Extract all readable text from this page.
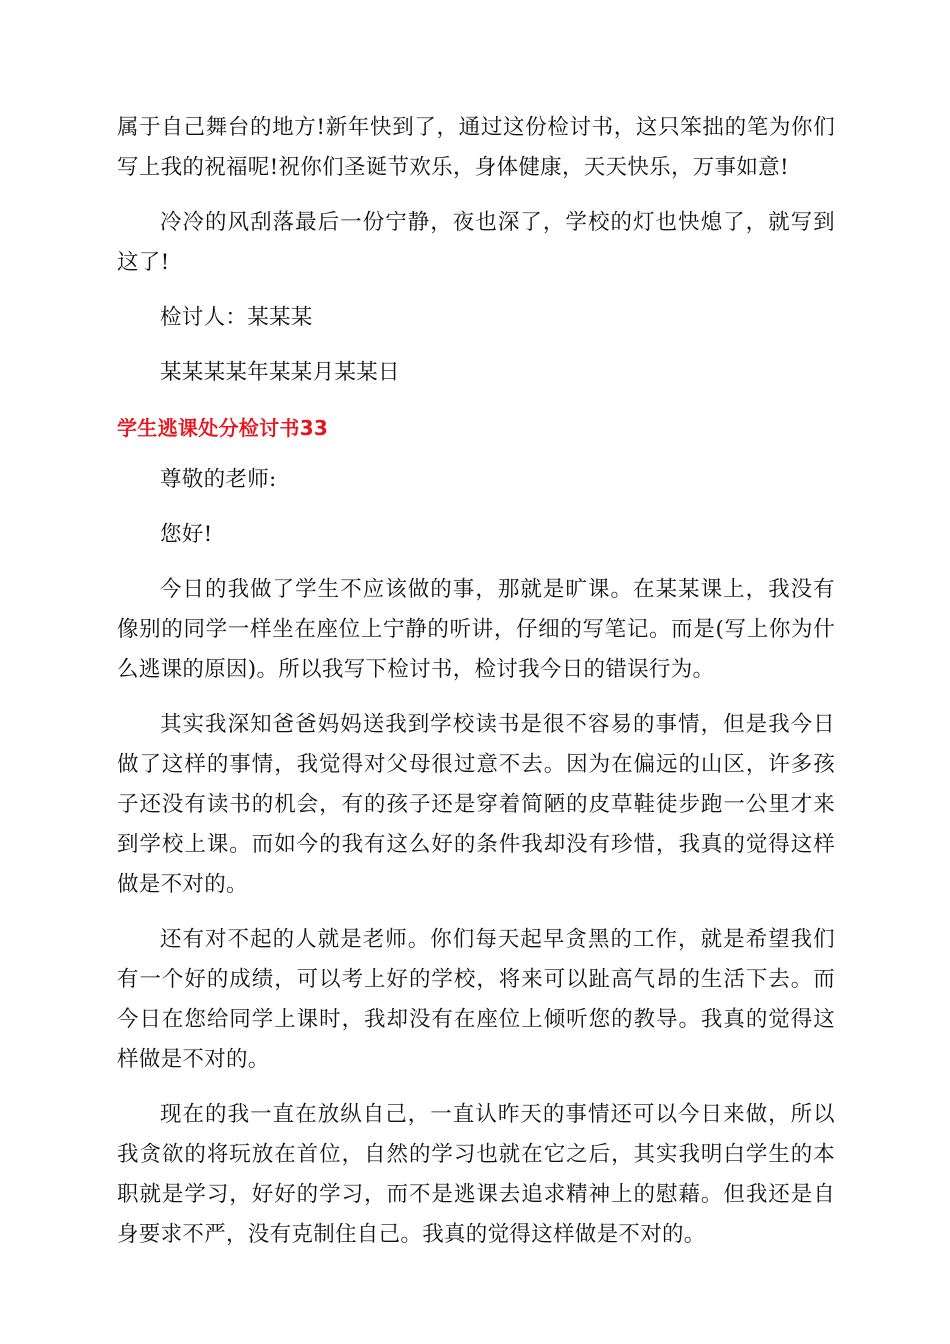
属于自己舞台的地方!新年快到了，通过这份检讨书，这只笨拙的笔为你们写上我的祝福呢!祝你们圣诞节欢乐，身体健康，天天快乐，万事如意!

冷冷的风刮落最后一份宁静，夜也深了，学校的灯也快熄了，就写到这了!

检讨人：某某某

某某某某年某某月某某日

学生逃课处分检讨书33

尊敬的老师:

您好!

今日的我做了学生不应该做的事，那就是旷课。在某某课上，我没有像别的同学一样坐在座位上宁静的听讲，仔细的写笔记。而是(写上你为什么逃课的原因)。所以我写下检讨书，检讨我今日的错误行为。

其实我深知爸爸妈妈送我到学校读书是很不容易的事情，但是我今日做了这样的事情，我觉得对父母很过意不去。因为在偏远的山区，许多孩子还没有读书的机会，有的孩子还是穿着简陋的皮草鞋徒步跑一公里才来到学校上课。而如今的我有这么好的条件我却没有珍惜，我真的觉得这样做是不对的。

还有对不起的人就是老师。你们每天起早贪黑的工作，就是希望我们有一个好的成绩，可以考上好的学校，将来可以趾高气昂的生活下去。而今日在您给同学上课时，我却没有在座位上倾听您的教导。我真的觉得这样做是不对的。

现在的我一直在放纵自己，一直认昨天的事情还可以今日来做，所以我贪欲的将玩放在首位，自然的学习也就在它之后，其实我明白学生的本职就是学习，好好的学习，而不是逃课去追求精神上的慰藉。但我还是自身要求不严，没有克制住自己。我真的觉得这样做是不对的。
